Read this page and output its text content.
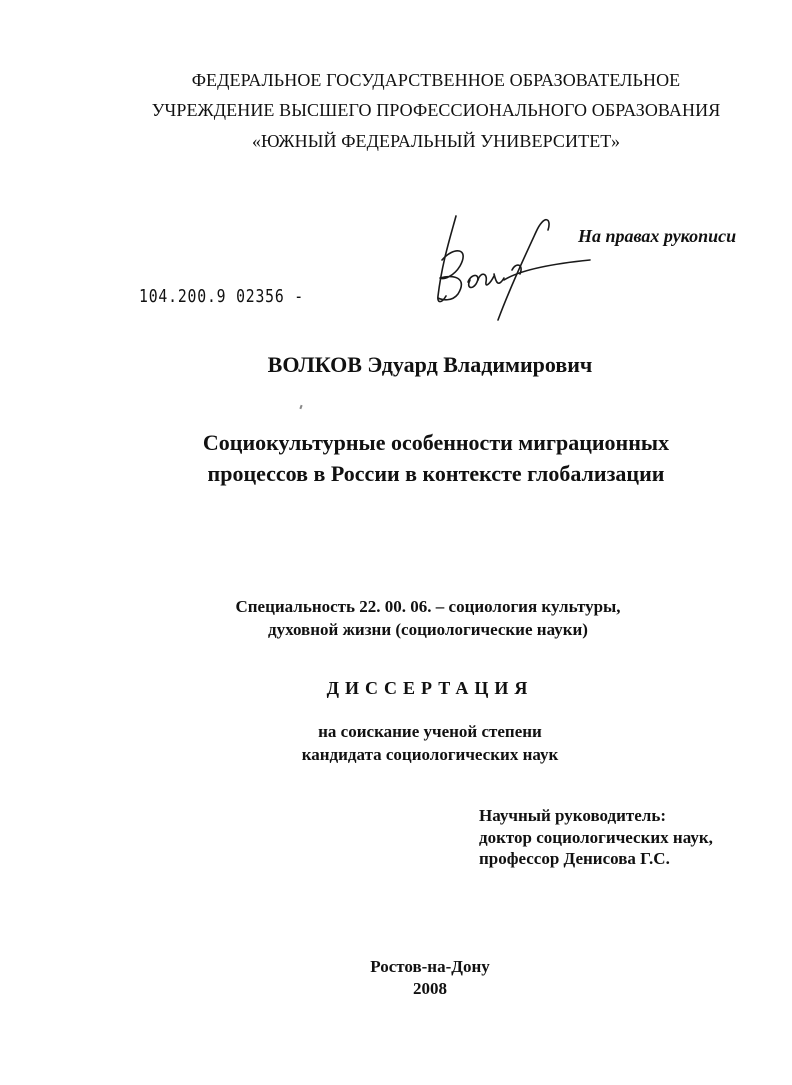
ФЕДЕРАЛЬНОЕ ГОСУДАРСТВЕННОЕ ОБРАЗОВАТЕЛЬНОЕ
УЧРЕЖДЕНИЕ ВЫСШЕГО ПРОФЕССИОНАЛЬНОГО ОБРАЗОВАНИЯ
«ЮЖНЫЙ ФЕДЕРАЛЬНЫЙ УНИВЕРСИТЕТ»
На правах рукописи
104.200.9 02356 -
ВОЛКОВ Эдуард Владимирович
Социокультурные особенности миграционных
процессов в России в контексте глобализации
Специальность 22. 00. 06. – социология культуры,
духовной жизни (социологические науки)
ДИССЕРТАЦИЯ
на соискание ученой степени
кандидата социологических наук
Научный руководитель:
доктор социологических наук,
профессор Денисова Г.С.
Ростов-на-Дону
2008
